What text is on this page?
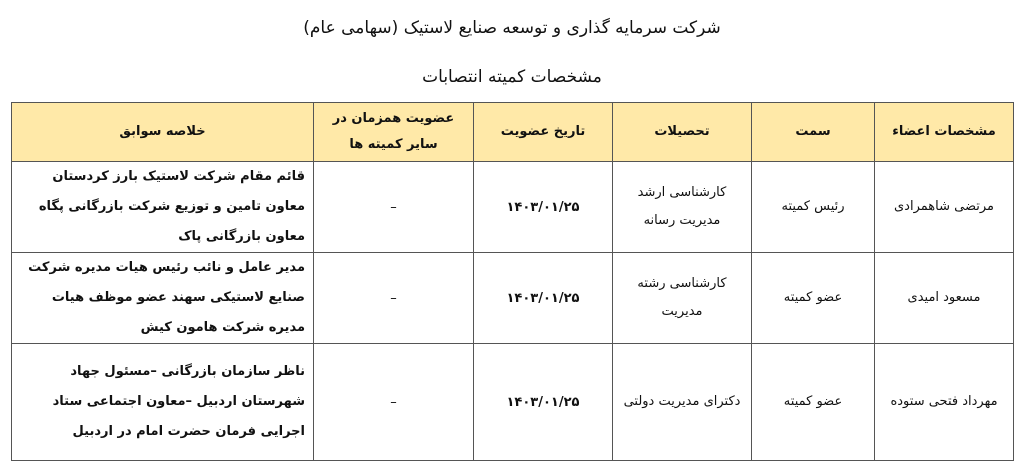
شرکت سرمایه گذاری و توسعه صنایع لاستیک (سهامی عام)
مشخصات کمیته انتصابات
مشخصات اعضاء	سمت	تحصیلات	تاریخ عضویت	عضویت همزمان در سایر کمیته ها	خلاصه سوابق
مرتضی شاهمرادی	رئیس کمیته	کارشناسی ارشد مدیریت رسانه	۱۴۰۳/۰۱/۲۵	–	قائم مقام شرکت لاستیک بارز کردستان معاون تامین و توزیع شرکت بازرگانی پگاه معاون بازرگانی پاک
مسعود امیدی	عضو کمیته	کارشناسی رشته مدیریت	۱۴۰۳/۰۱/۲۵	–	مدیر عامل و نائب رئیس هیات مدیره شرکت صنایع لاستیکی سهند عضو موظف هیات مدیره شرکت هامون کیش
مهرداد فتحی ستوده	عضو کمیته	دکترای مدیریت دولتی	۱۴۰۳/۰۱/۲۵	–	ناظر سازمان بازرگانی –مسئول جهاد شهرستان اردبیل –معاون اجتماعی ستاد اجرایی فرمان حضرت امام در اردبیل
